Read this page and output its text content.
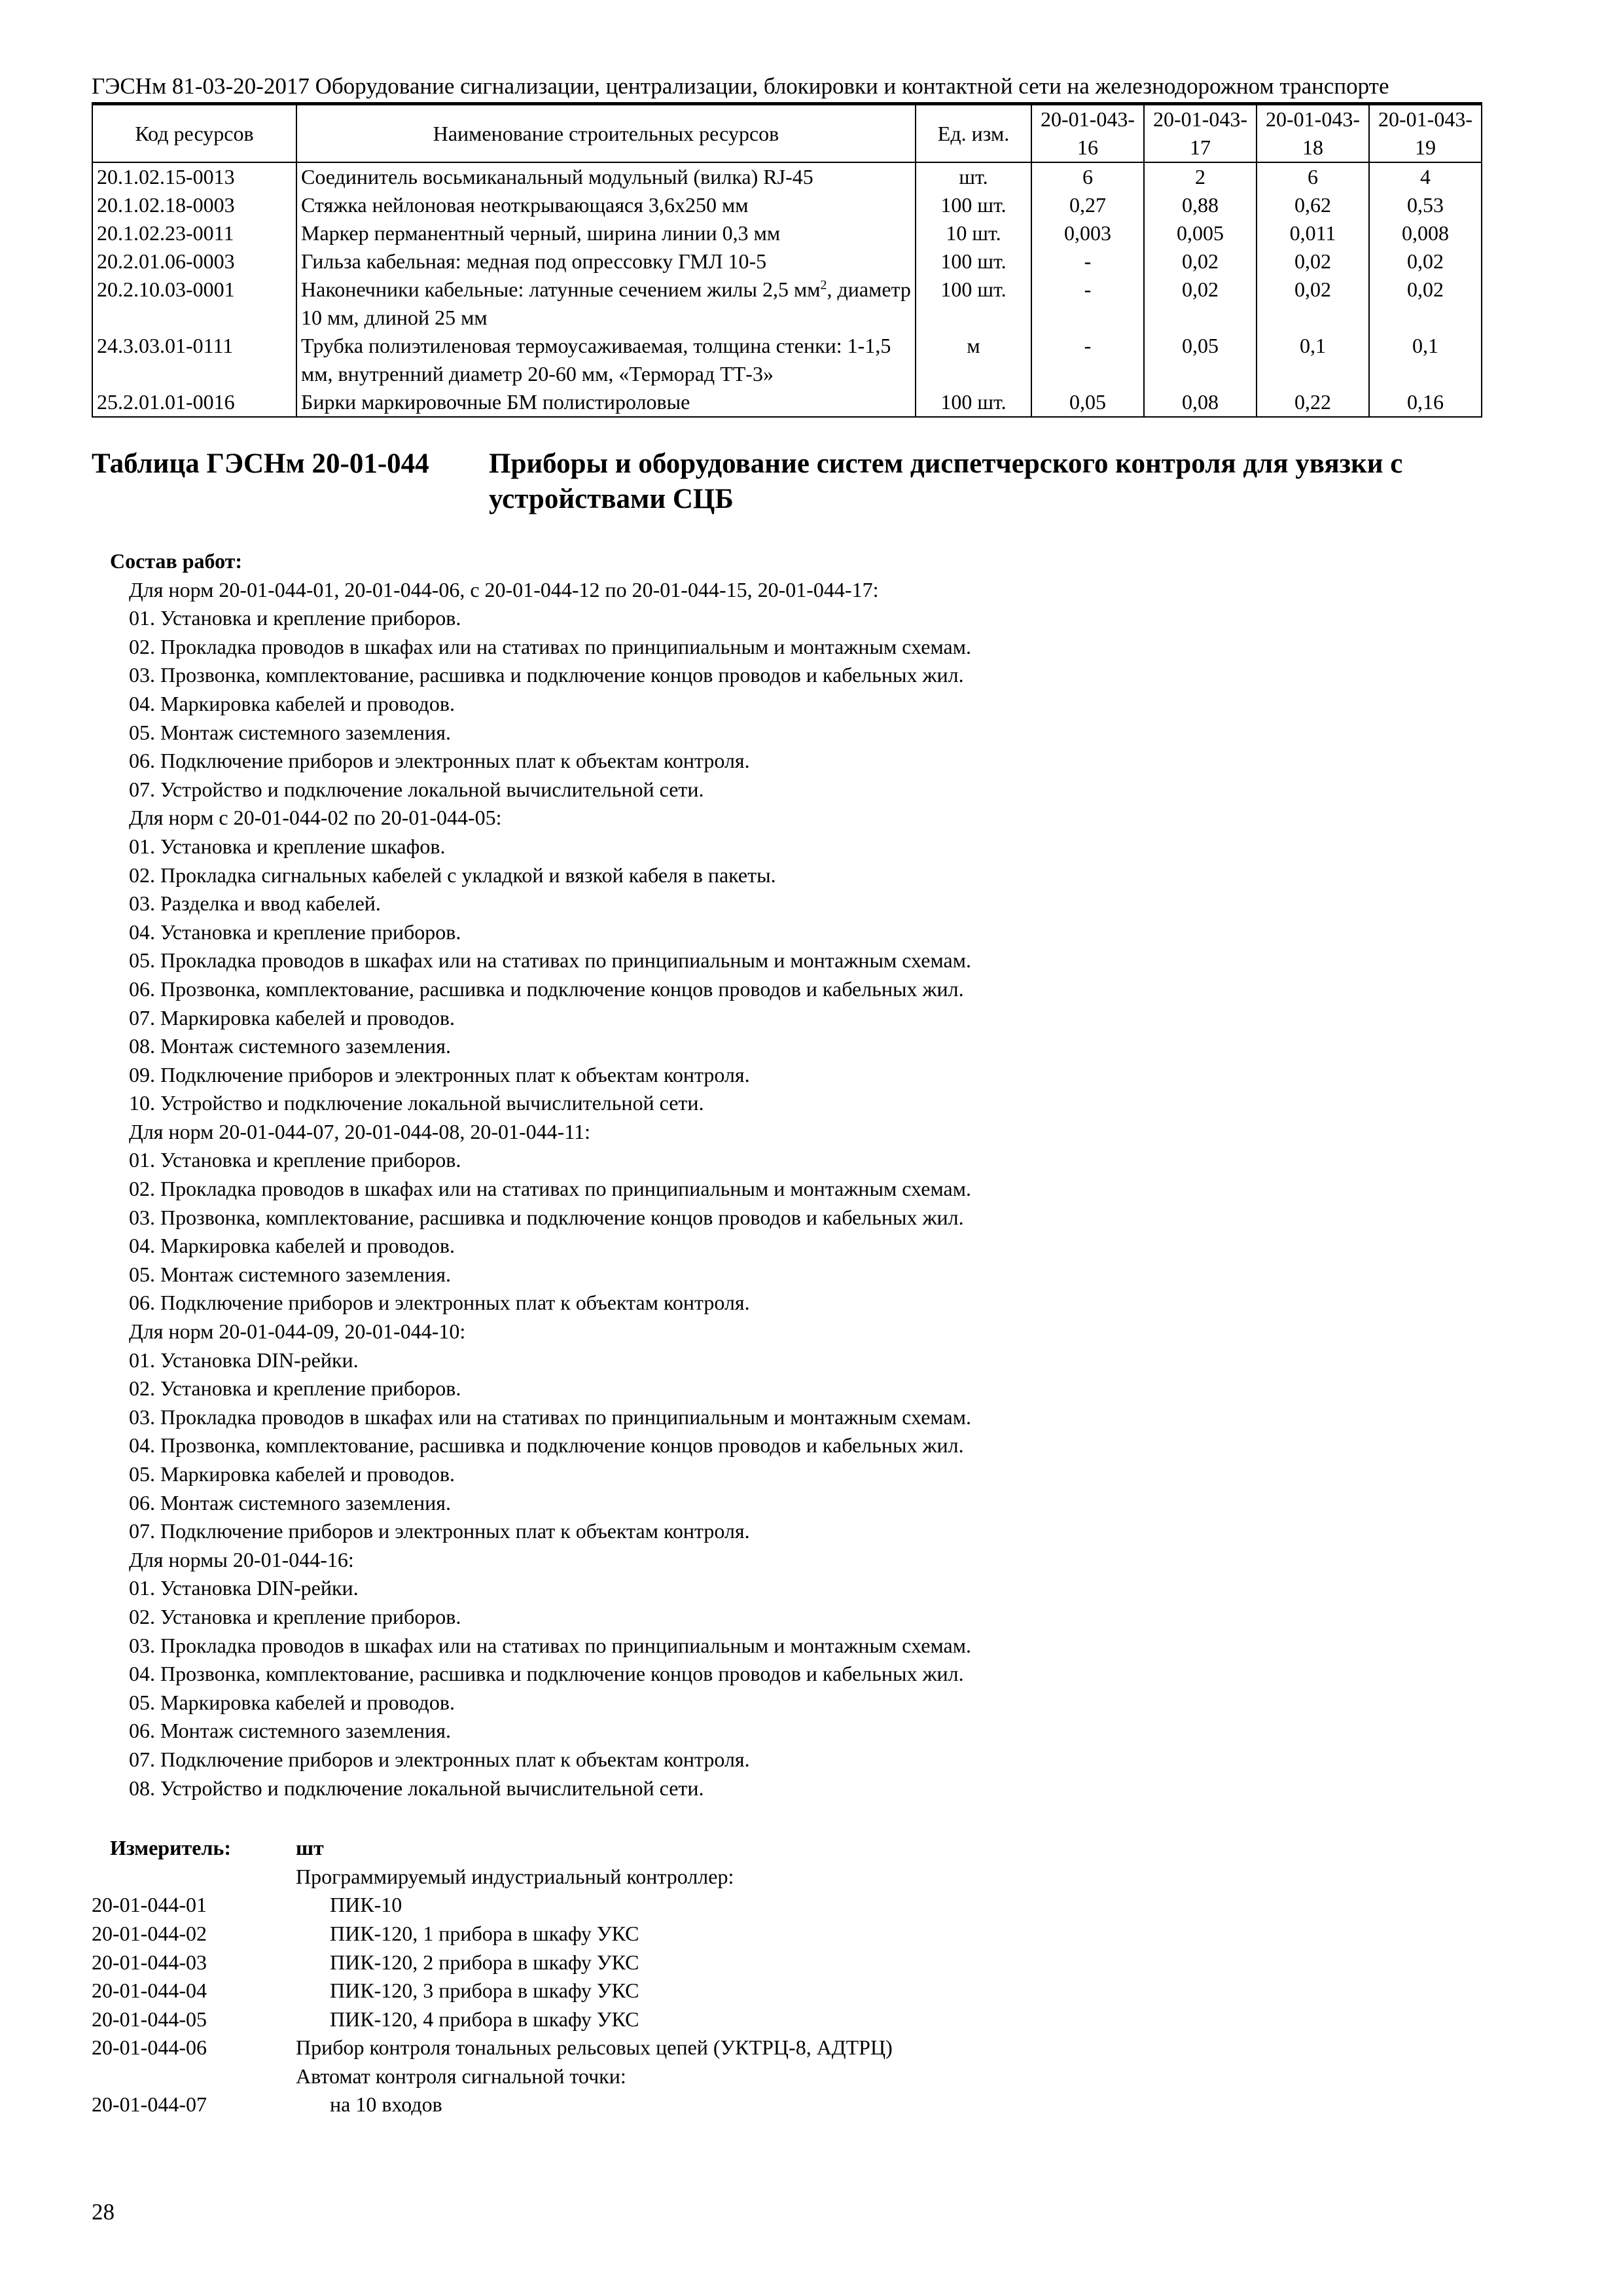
ГЭСНм 81-03-20-2017 Оборудование сигнализации, централизации, блокировки и контактной сети на железнодорожном транспорте
Код ресурсов	Наименование строительных ресурсов	Ед. изм.	20-01-043-16	20-01-043-17	20-01-043-18	20-01-043-19
20.1.02.15-0013	Соединитель восьмиканальный модульный (вилка) RJ-45	шт.	6	2	6	4
20.1.02.18-0003	Стяжка нейлоновая неоткрывающаяся 3,6х250 мм	100 шт.	0,27	0,88	0,62	0,53
20.1.02.23-0011	Маркер перманентный черный, ширина линии 0,3 мм	10 шт.	0,003	0,005	0,011	0,008
20.2.01.06-0003	Гильза кабельная: медная под опрессовку ГМЛ 10-5	100 шт.	-	0,02	0,02	0,02
20.2.10.03-0001	Наконечники кабельные: латунные сечением жилы 2,5 $мм^2$, диаметр 10 мм, длиной 25 мм	100 шт.	-	0,02	0,02	0,02
24.3.03.01-0111	Трубка полиэтиленовая термоусаживаемая, толщина стенки: 1-1,5 мм, внутренний диаметр 20-60 мм, «Терморад ТТ-3»	м	-	0,05	0,1	0,1
25.2.01.01-0016	Бирки маркировочные БМ полистироловые	100 шт.	0,05	0,08	0,22	0,16
Таблица ГЭСНм 20-01-044 Приборы и оборудование систем диспетчерского контроля для увязки с устройствами СЦБ
Состав работ:
Для норм 20-01-044-01, 20-01-044-06, с 20-01-044-12 по 20-01-044-15, 20-01-044-17:
01. Установка и крепление приборов.
02. Прокладка проводов в шкафах или на стативах по принципиальным и монтажным схемам.
03. Прозвонка, комплектование, расшивка и подключение концов проводов и кабельных жил.
04. Маркировка кабелей и проводов.
05. Монтаж системного заземления.
06. Подключение приборов и электронных плат к объектам контроля.
07. Устройство и подключение локальной вычислительной сети.
Для норм с 20-01-044-02 по 20-01-044-05:
01. Установка и крепление шкафов.
02. Прокладка сигнальных кабелей с укладкой и вязкой кабеля в пакеты.
03. Разделка и ввод кабелей.
04. Установка и крепление приборов.
05. Прокладка проводов в шкафах или на стативах по принципиальным и монтажным схемам.
06. Прозвонка, комплектование, расшивка и подключение концов проводов и кабельных жил.
07. Маркировка кабелей и проводов.
08. Монтаж системного заземления.
09. Подключение приборов и электронных плат к объектам контроля.
10. Устройство и подключение локальной вычислительной сети.
Для норм 20-01-044-07, 20-01-044-08, 20-01-044-11:
01. Установка и крепление приборов.
02. Прокладка проводов в шкафах или на стативах по принципиальным и монтажным схемам.
03. Прозвонка, комплектование, расшивка и подключение концов проводов и кабельных жил.
04. Маркировка кабелей и проводов.
05. Монтаж системного заземления.
06. Подключение приборов и электронных плат к объектам контроля.
Для норм 20-01-044-09, 20-01-044-10:
01. Установка DIN-рейки.
02. Установка и крепление приборов.
03. Прокладка проводов в шкафах или на стативах по принципиальным и монтажным схемам.
04. Прозвонка, комплектование, расшивка и подключение концов проводов и кабельных жил.
05. Маркировка кабелей и проводов.
06. Монтаж системного заземления.
07. Подключение приборов и электронных плат к объектам контроля.
Для нормы 20-01-044-16:
01. Установка DIN-рейки.
02. Установка и крепление приборов.
03. Прокладка проводов в шкафах или на стативах по принципиальным и монтажным схемам.
04. Прозвонка, комплектование, расшивка и подключение концов проводов и кабельных жил.
05. Маркировка кабелей и проводов.
06. Монтаж системного заземления.
07. Подключение приборов и электронных плат к объектам контроля.
08. Устройство и подключение локальной вычислительной сети.
Измеритель:	шт
Программируемый индустриальный контроллер:
20-01-044-01	ПИК-10
20-01-044-02	ПИК-120, 1 прибора в шкафу УКС
20-01-044-03	ПИК-120, 2 прибора в шкафу УКС
20-01-044-04	ПИК-120, 3 прибора в шкафу УКС
20-01-044-05	ПИК-120, 4 прибора в шкафу УКС
20-01-044-06	Прибор контроля тональных рельсовых цепей (УКТРЦ-8, АДТРЦ)
Автомат контроля сигнальной точки:
20-01-044-07	на 10 входов
28
